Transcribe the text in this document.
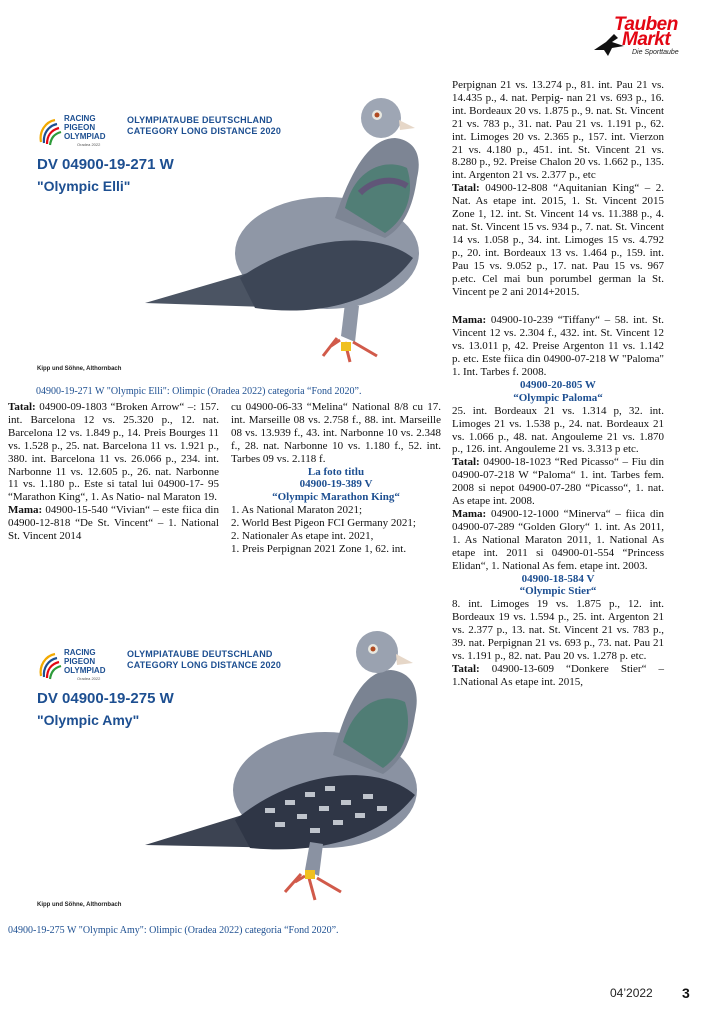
Tauben
Markt
Die Sporttaube
RACING
PIGEON
OLYMPIAD
Oradea 2022
OLYMPIATAUBE DEUTSCHLAND
CATEGORY LONG DISTANCE 2020
DV 04900-19-271 W
"Olympic Elli"
Kipp und Söhne, Althornbach
04900-19-271 W "Olympic Elli": Olimpic (Oradea 2022) categoria “Fond 2020”.

Tatal: 04900-09-1803 “Broken Arrow“ –: 157. int. Barcelona 12 vs. 25.320 p., 12. nat. Barcelona 12 vs. 1.849 p., 14. Preis Bourges 11 vs. 1.528 p., 25. nat. Barcelona 11 vs. 1.921 p., 380. int. Barcelona 11 vs. 26.066 p., 234. int. Narbonne 11 vs. 12.605 p., 26. nat. Narbonne 11 vs. 1.180 p.. Este si tatal lui 04900-17- 95 “Marathon King“, 1. As Natio- nal Maraton 19.

Mama: 04900-15-540 “Vivian“ – este fiica din 04900-12-818 “De St. Vincent“ – 1. National St. Vincent 2014

cu 04900-06-33 “Melina“ National 8/8 cu 17. int. Marseille 08 vs. 2.758 f., 88. int. Marseille 08 vs. 13.939 f., 43. int. Narbonne 10 vs. 2.348 f., 28. nat. Narbonne 10 vs. 1.180 f., 52. int. Tarbes 09 vs. 2.118 f.

La foto titlu

04900-19-389 V

“Olympic Marathon King“

1. As National Maraton 2021;

2. World Best Pigeon FCI Germany 2021;

2. Nationaler As etape int. 2021,

1. Preis Perpignan 2021 Zone 1, 62. int.

RACING
PIGEON
OLYMPIAD
Oradea 2022
OLYMPIATAUBE DEUTSCHLAND
CATEGORY LONG DISTANCE 2020
DV 04900-19-275 W
"Olympic Amy"
Kipp und Söhne, Althornbach
04900-19-275 W "Olympic Amy": Olimpic (Oradea 2022) categoria “Fond 2020”.

Perpignan 21 vs. 13.274 p., 81. int. Pau 21 vs. 14.435 p., 4. nat. Perpig- nan 21 vs. 693 p., 16. int. Bordeaux 20 vs. 1.875 p., 9. nat. St. Vincent 21 vs. 783 p., 31. nat. Pau 21 vs. 1.191 p., 62. int. Limoges 20 vs. 2.365 p., 157. int. Vierzon 21 vs. 4.180 p., 451. int. St. Vincent 21 vs. 8.280 p., 92. Preise Chalon 20 vs. 1.662 p., 135. int. Argenton 21 vs. 2.377 p., etc

Tatal: 04900-12-808 “Aquitanian King“ – 2. Nat. As etape int. 2015, 1. St. Vincent 2015 Zone 1, 12. int. St. Vincent 14 vs. 11.388 p., 4. nat. St. Vincent 15 vs. 934 p., 7. nat. St. Vincent 14 vs. 1.058 p., 34. int. Limoges 15 vs. 4.792 p., 20. int. Bordeaux 13 vs. 1.464 p., 159. int. Pau 15 vs. 9.052 p., 17. nat. Pau 15 vs. 967 p.etc. Cel mai bun porumbel german la St. Vincent pe 2 ani 2014+2015.

Mama: 04900-10-239 “Tiffany“ – 58. int. St. Vincent 12 vs. 2.304 f., 432. int. St. Vincent 12 vs. 13.011 p, 42. Preise Argenton 11 vs. 1.142 p. etc. Este fiica din 04900-07-218 W "Paloma" 1. Int. Tarbes f. 2008.

04900-20-805 W

“Olympic Paloma“

25. int. Bordeaux 21 vs. 1.314 p, 32. int. Limoges 21 vs. 1.538 p., 24. nat. Bordeaux 21 vs. 1.066 p., 48. nat. Angouleme 21 vs. 1.870 p., 126. int. Angouleme 21 vs. 3.313 p etc.

Tatal: 04900-18-1023 “Red Picasso“ – Fiu din 04900-07-218 W “Paloma“ 1. int. Tarbes fem. 2008 si nepot 04900-07-280 “Picasso“, 1. nat. As etape int. 2008.

Mama: 04900-12-1000 “Minerva“ – fiica din 04900-07-289 “Golden Glory“ 1. int. As 2011, 1. As National Maraton 2011, 1. National As etape int. 2011 si 04900-01-554 “Princess Elidan“, 1. National As fem. etape int. 2003.

04900-18-584 V

“Olympic Stier“

8. int. Limoges 19 vs. 1.875 p., 12. int. Bordeaux 19 vs. 1.594 p., 25. int. Argenton 21 vs. 2.377 p., 13. nat. St. Vincent 21 vs. 783 p., 39. nat. Perpignan 21 vs. 693 p., 73. nat. Pau 21 vs. 1.191 p., 82. nat. Pau 20 vs. 1.278 p. etc.

Tatal: 04900-13-609 “Donkere Stier“ – 1.National As etape int. 2015,

04’2022 3
